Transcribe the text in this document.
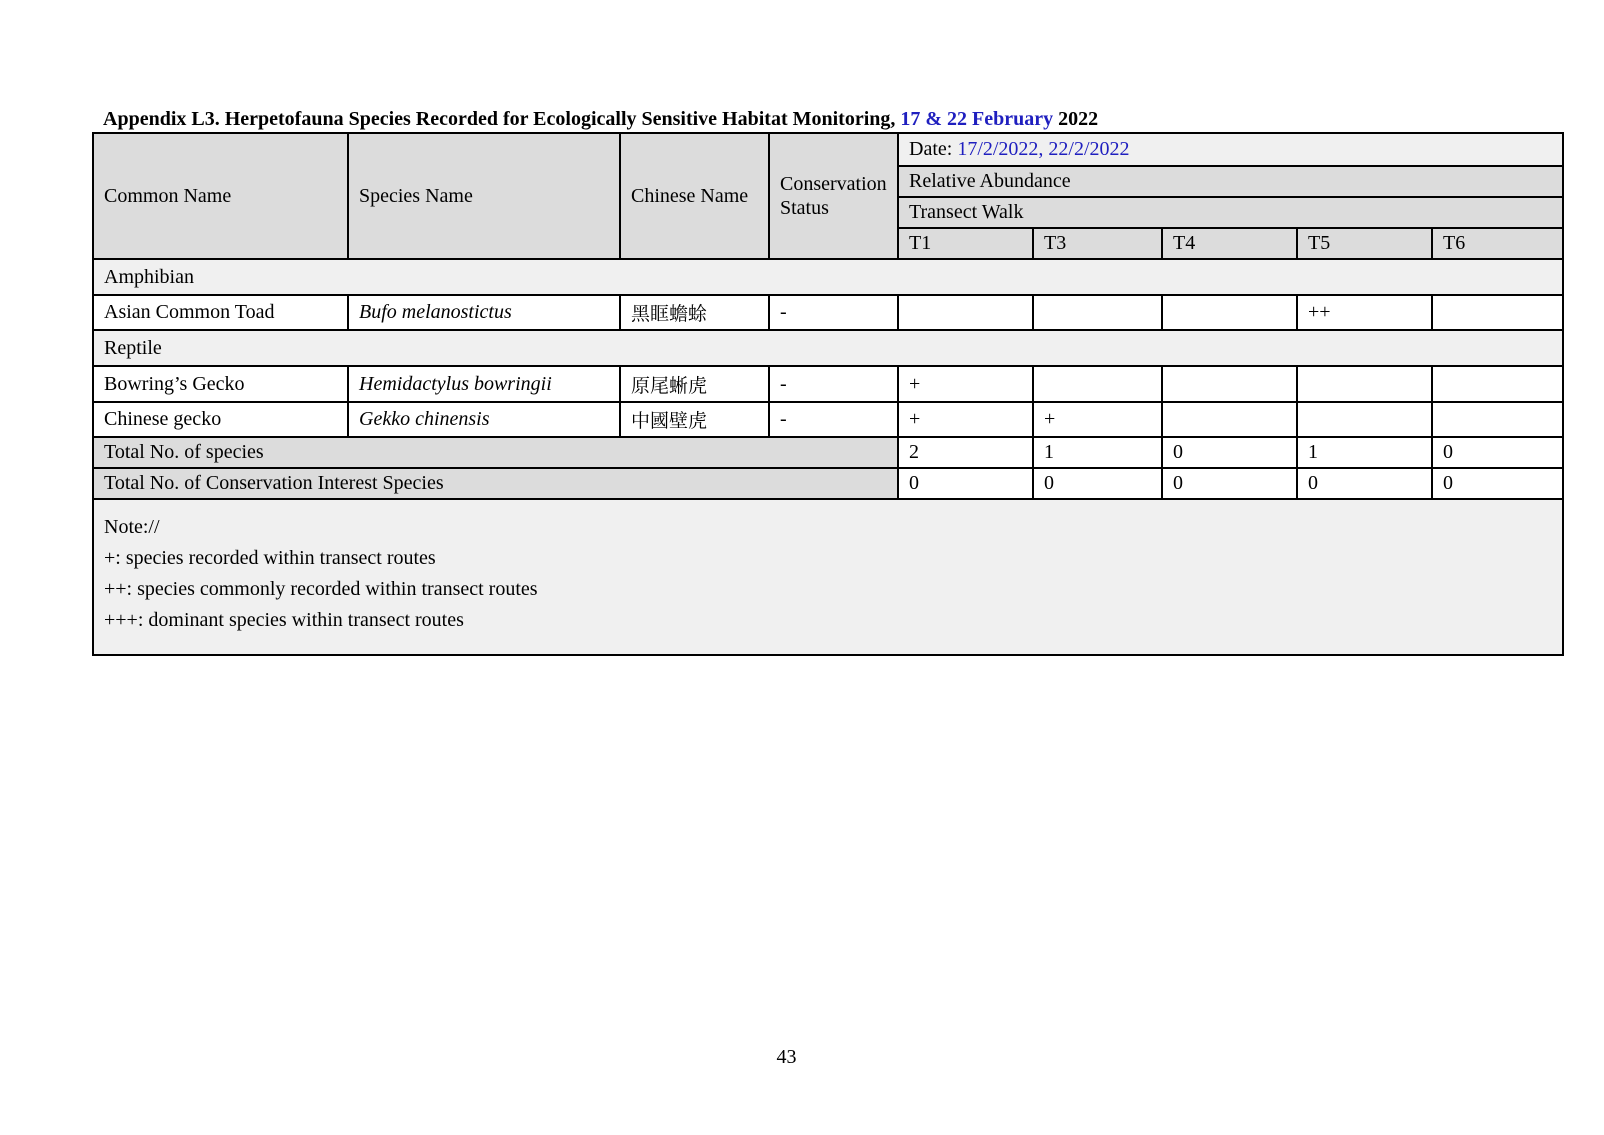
Appendix L3. Herpetofauna Species Recorded for Ecologically Sensitive Habitat Monitoring, 17 & 22 February 2022
Common Name	Species Name	Chinese Name	Conservation Status	Date: 17/2/2022, 22/2/2022				
				Relative Abundance				
				Transect Walk				
				T1	T3	T4	T5	T6
Amphibian								
Asian Common Toad	Bufo melanostictus	黑眶蟾蜍	-				++	
Reptile								
Bowring’s Gecko	Hemidactylus bowringii	原尾蜥虎	-	+				
Chinese gecko	Gekko chinensis	中國壁虎	-	+	+			
Total No. of species				2	1	0	1	0
Total No. of Conservation Interest Species				0	0	0	0	0

Note://
+: species recorded within transect routes
++: species commonly recorded within transect routes
+++: dominant species within transect routes								
43
